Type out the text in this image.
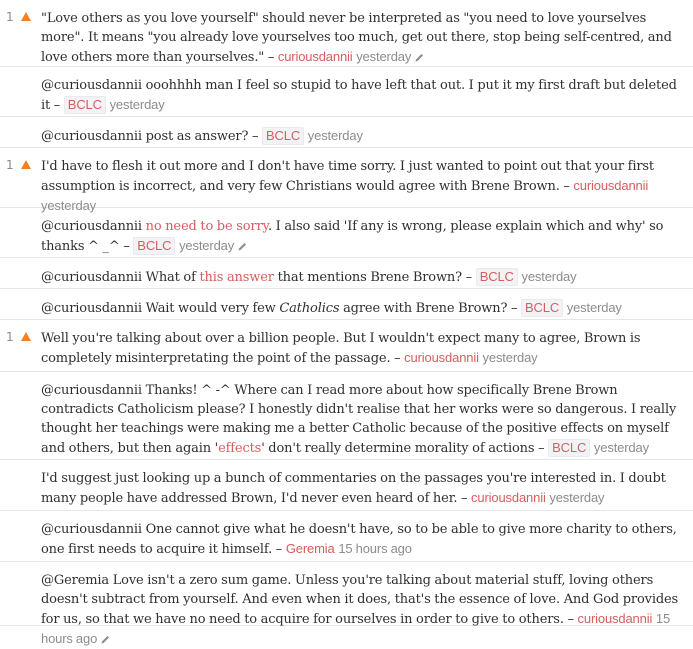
1 "Love others as you love yourself" should never be interpreted as "you need to love yourselves more". It means "you already love yourselves too much, get out there, stop being self-centred, and love others more than yourselves." – curiousdannii yesterday
@curiousdannii ooohhhh man I feel so stupid to have left that out. I put it my first draft but deleted it – BCLC yesterday
@curiousdannii post as answer? – BCLC yesterday
1 I'd have to flesh it out more and I don't have time sorry. I just wanted to point out that your first assumption is incorrect, and very few Christians would agree with Brene Brown. – curiousdannii yesterday
@curiousdannii no need to be sorry. I also said 'If any is wrong, please explain which and why' so thanks ^ _^ – BCLC yesterday
@curiousdannii What of this answer that mentions Brene Brown? – BCLC yesterday
@curiousdannii Wait would very few Catholics agree with Brene Brown? – BCLC yesterday
1 Well you're talking about over a billion people. But I wouldn't expect many to agree, Brown is completely misinterpretating the point of the passage. – curiousdannii yesterday
@curiousdannii Thanks! ^ -^ Where can I read more about how specifically Brene Brown contradicts Catholicism please? I honestly didn't realise that her works were so dangerous. I really thought her teachings were making me a better Catholic because of the positive effects on myself and others, but then again 'effects' don't really determine morality of actions – BCLC yesterday
I'd suggest just looking up a bunch of commentaries on the passages you're interested in. I doubt many people have addressed Brown, I'd never even heard of her. – curiousdannii yesterday
@curiousdannii One cannot give what he doesn't have, so to be able to give more charity to others, one first needs to acquire it himself. – Geremia 15 hours ago
@Geremia Love isn't a zero sum game. Unless you're talking about material stuff, loving others doesn't subtract from yourself. And even when it does, that's the essence of love. And God provides for us, so that we have no need to acquire for ourselves in order to give to others. – curiousdannii 15 hours ago
